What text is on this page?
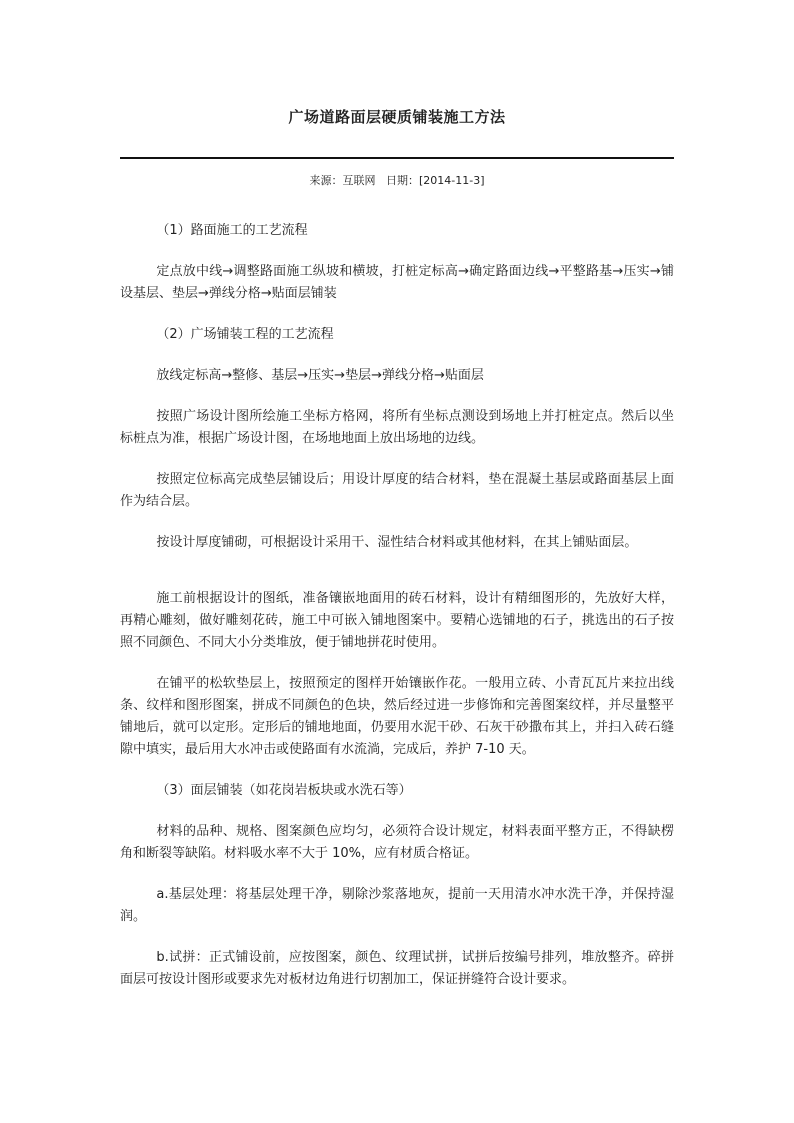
广场道路面层硬质铺装施工方法
来源：互联网 日期：[2014-11-3]

（1）路面施工的工艺流程

定点放中线→调整路面施工纵坡和横坡，打桩定标高→确定路面边线→平整路基→压实→铺设基层、垫层→弹线分格→贴面层铺装

（2）广场铺装工程的工艺流程

放线定标高→整修、基层→压实→垫层→弹线分格→贴面层

按照广场设计图所绘施工坐标方格网，将所有坐标点测设到场地上并打桩定点。然后以坐标桩点为准，根据广场设计图，在场地地面上放出场地的边线。

按照定位标高完成垫层铺设后；用设计厚度的结合材料，垫在混凝土基层或路面基层上面作为结合层。

按设计厚度铺砌，可根据设计采用干、湿性结合材料或其他材料，在其上铺贴面层。

施工前根据设计的图纸，准备镶嵌地面用的砖石材料，设计有精细图形的，先放好大样，再精心雕刻，做好雕刻花砖，施工中可嵌入铺地图案中。要精心选铺地的石子，挑选出的石子按照不同颜色、不同大小分类堆放，便于铺地拼花时使用。

在铺平的松软垫层上，按照预定的图样开始镶嵌作花。一般用立砖、小青瓦瓦片来拉出线条、纹样和图形图案，拼成不同颜色的色块，然后经过进一步修饰和完善图案纹样，并尽量整平铺地后，就可以定形。定形后的铺地地面，仍要用水泥干砂、石灰干砂撒布其上，并扫入砖石缝隙中填实，最后用大水冲击或使路面有水流淌，完成后，养护 7-10 天。

（3）面层铺装（如花岗岩板块或水洗石等）

材料的品种、规格、图案颜色应均匀，必须符合设计规定，材料表面平整方正，不得缺楞角和断裂等缺陷。材料吸水率不大于 10%，应有材质合格证。

a.基层处理：将基层处理干净，剔除沙浆落地灰，提前一天用清水冲水洗干净，并保持湿润。

b.试拼：正式铺设前，应按图案，颜色、纹理试拼，试拼后按编号排列，堆放整齐。碎拼面层可按设计图形或要求先对板材边角进行切割加工，保证拼缝符合设计要求。
